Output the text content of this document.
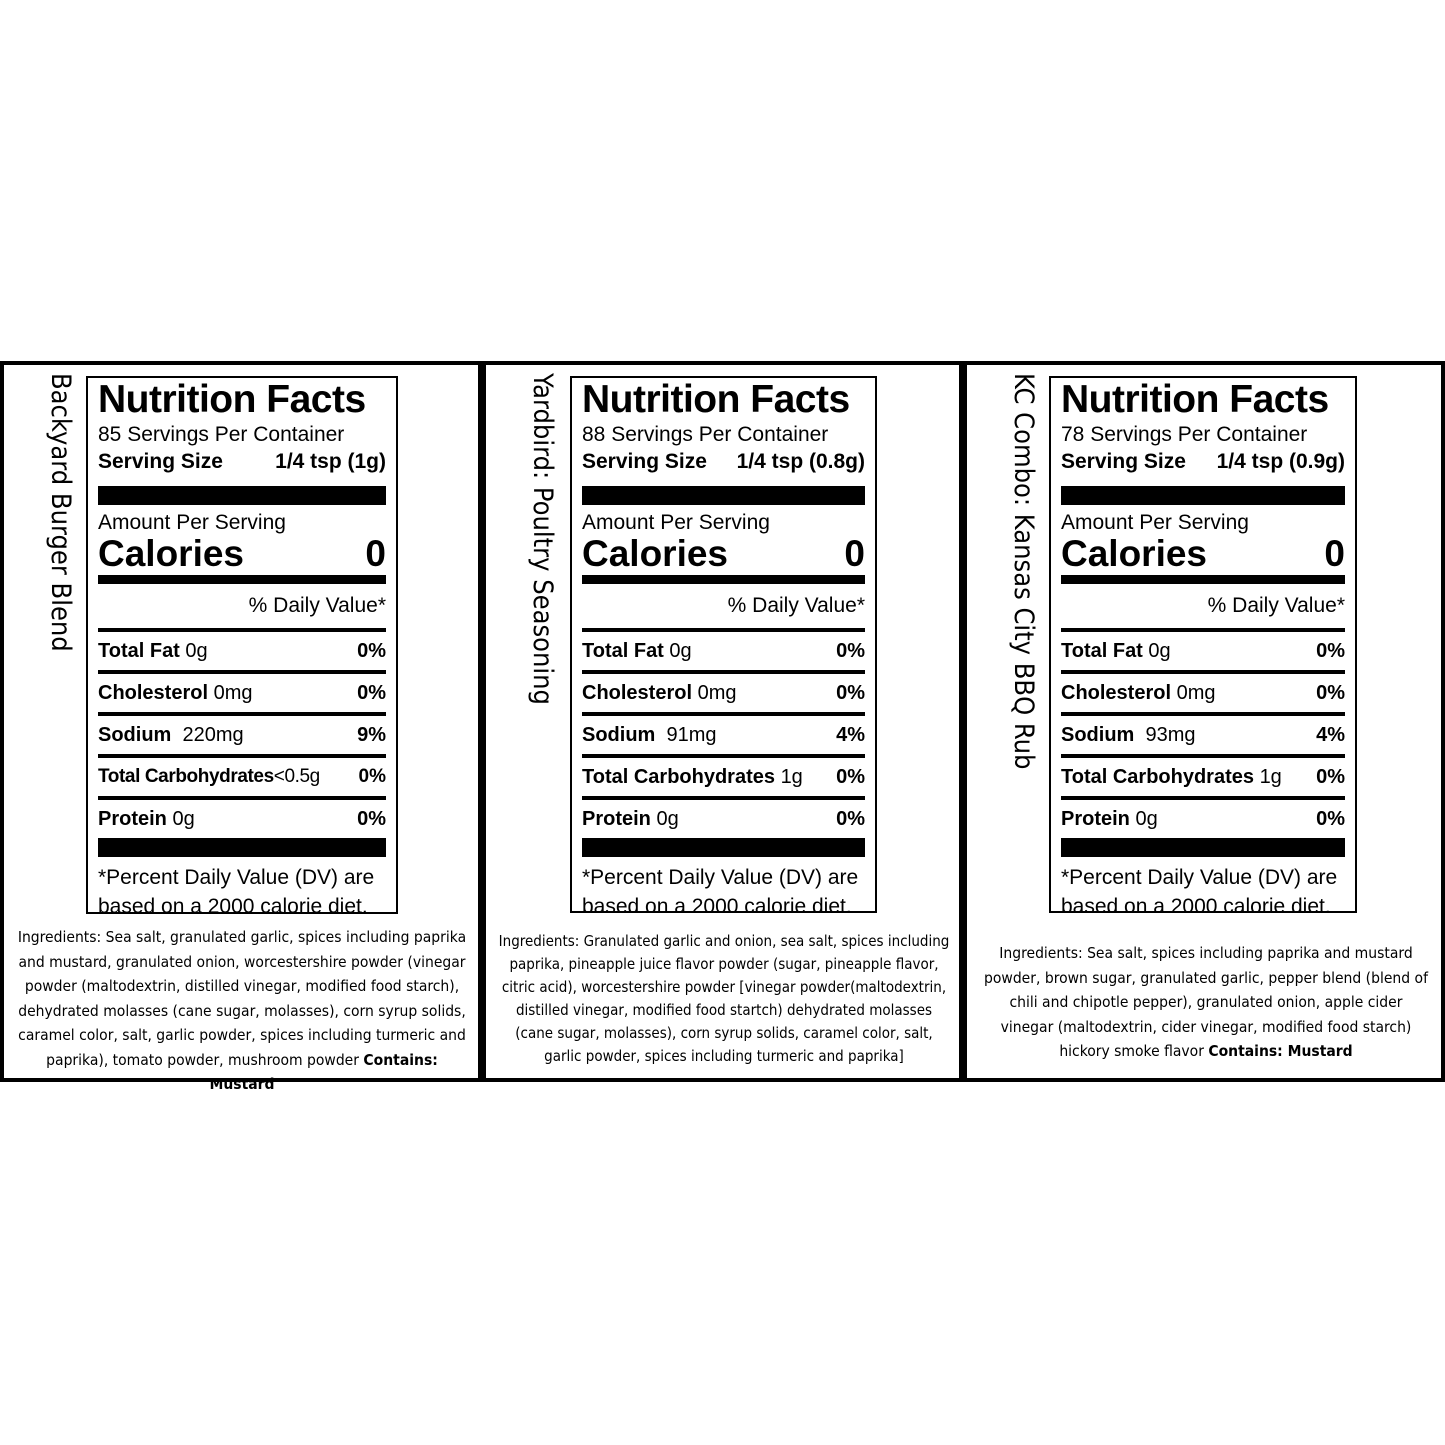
Backyard Burger Blend Nutrition Facts
85 Servings Per Container
Serving Size 1/4 tsp (1g)
Amount Per Serving
Calories	0
% Daily Value*
Total Fat 0g	0%
Cholesterol 0mg	0%
Sodium 220mg	9%
Total Carbohydrates<0.5g 0%
Protein 0g	0%
*Percent Daily Value (DV) are based on a 2000 calorie diet.
Ingredients: Sea salt, granulated garlic, spices including paprika and mustard, granulated onion, worcestershire powder (vinegar powder (maltodextrin, distilled vinegar, modified food starch), dehydrated molasses (cane sugar, molasses), corn syrup solids, caramel color, salt, garlic powder, spices including turmeric and paprika), tomato powder, mushroom powder Contains: Mustard
Yardbird: Poultry Seasoning Nutrition Facts
88 Servings Per Container
Serving Size 1/4 tsp (0.8g)
Amount Per Serving
Calories	0
% Daily Value*
Total Fat 0g	0%
Cholesterol 0mg	0%
Sodium 91mg	4%
Total Carbohydrates 1g 0%
Protein 0g	0%
*Percent Daily Value (DV) are based on a 2000 calorie diet.
Ingredients: Granulated garlic and onion, sea salt, spices including paprika, pineapple juice flavor powder (sugar, pineapple flavor, citric acid), worcestershire powder [vinegar powder(maltodextrin, distilled vinegar, modified food startch) dehydrated molasses (cane sugar, molasses), corn syrup solids, caramel color, salt, garlic powder, spices including turmeric and paprika]
KC Combo: Kansas City BBQ Rub Nutrition Facts
78 Servings Per Container
Serving Size 1/4 tsp (0.9g)
Amount Per Serving
Calories	0
% Daily Value*
Total Fat 0g	0%
Cholesterol 0mg	0%
Sodium 93mg	4%
Total Carbohydrates 1g 0%
Protein 0g	0%
*Percent Daily Value (DV) are based on a 2000 calorie diet.
Ingredients: Sea salt, spices including paprika and mustard powder, brown sugar, granulated garlic, pepper blend (blend of chili and chipotle pepper), granulated onion, apple cider vinegar (maltodextrin, cider vinegar, modified food starch) hickory smoke flavor Contains: Mustard
